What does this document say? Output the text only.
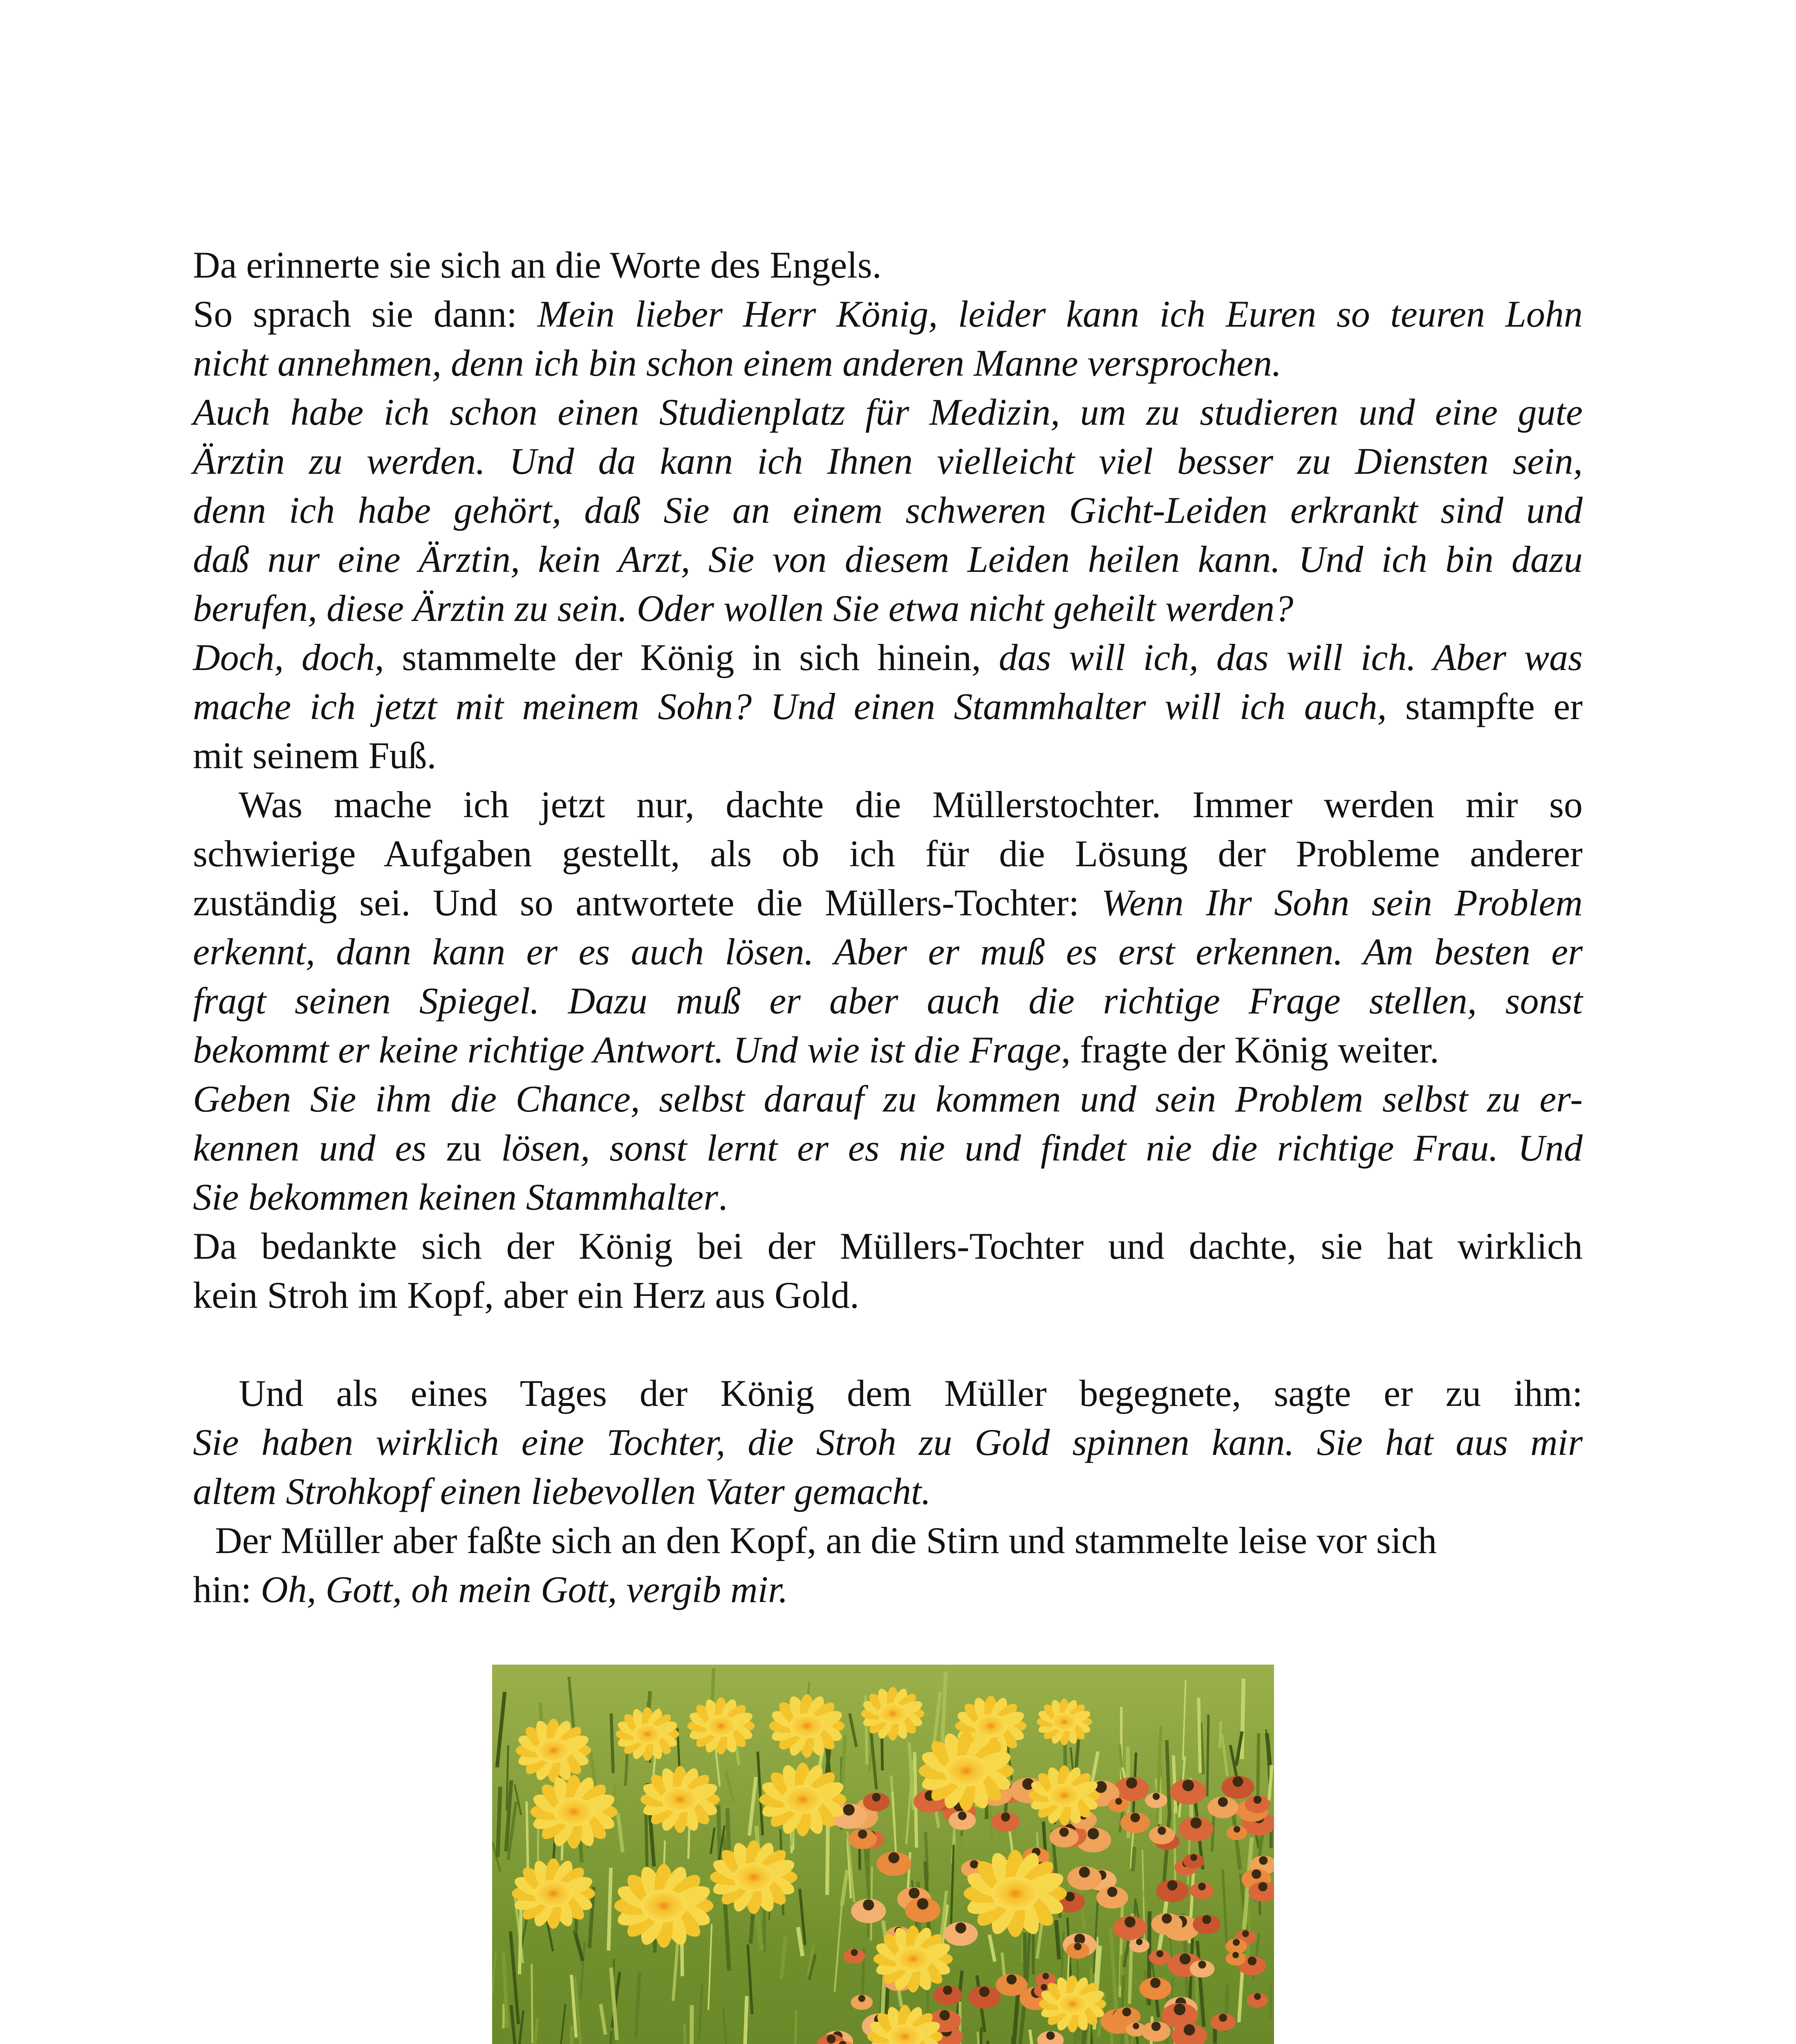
Da erinnerte sie sich an die Worte des Engels.

So sprach sie dann: Mein lieber Herr König, leider kann ich Euren so teuren Lohn

nicht annehmen, denn ich bin schon einem anderen Manne versprochen.

Auch habe ich schon einen Studienplatz für Medizin, um zu studieren und eine gute

Ärztin zu werden. Und da kann ich Ihnen vielleicht viel besser zu Diensten sein,

denn ich habe gehört, daß Sie an einem schweren Gicht-Leiden erkrankt sind und

daß nur eine Ärztin, kein Arzt, Sie von diesem Leiden heilen kann. Und ich bin dazu

berufen, diese Ärztin zu sein. Oder wollen Sie etwa nicht geheilt werden?

Doch, doch, stammelte der König in sich hinein, das will ich, das will ich. Aber was

mache ich jetzt mit meinem Sohn? Und einen Stammhalter will ich auch, stampfte er

mit seinem Fuß.

Was mache ich jetzt nur, dachte die Müllerstochter. Immer werden mir so

schwierige Aufgaben gestellt, als ob ich für die Lösung der Probleme anderer

zuständig sei. Und so antwortete die Müllers-Tochter: Wenn Ihr Sohn sein Problem

erkennt, dann kann er es auch lösen. Aber er muß es erst erkennen. Am besten er

fragt seinen Spiegel. Dazu muß er aber auch die richtige Frage stellen, sonst

bekommt er keine richtige Antwort. Und wie ist die Frage, fragte der König weiter.

Geben Sie ihm die Chance, selbst darauf zu kommen und sein Problem selbst zu er-

kennen und es zu lösen, sonst lernt er es nie und findet nie die richtige Frau. Und

Sie bekommen keinen Stammhalter.

Da bedankte sich der König bei der Müllers-Tochter und dachte, sie hat wirklich

kein Stroh im Kopf, aber ein Herz aus Gold.

Und als eines Tages der König dem Müller begegnete, sagte er zu ihm:

Sie haben wirklich eine Tochter, die Stroh zu Gold spinnen kann. Sie hat aus mir

altem Strohkopf einen liebevollen Vater gemacht.

Der Müller aber faßte sich an den Kopf, an die Stirn und stammelte leise vor sich

hin: Oh, Gott, oh mein Gott, vergib mir.
